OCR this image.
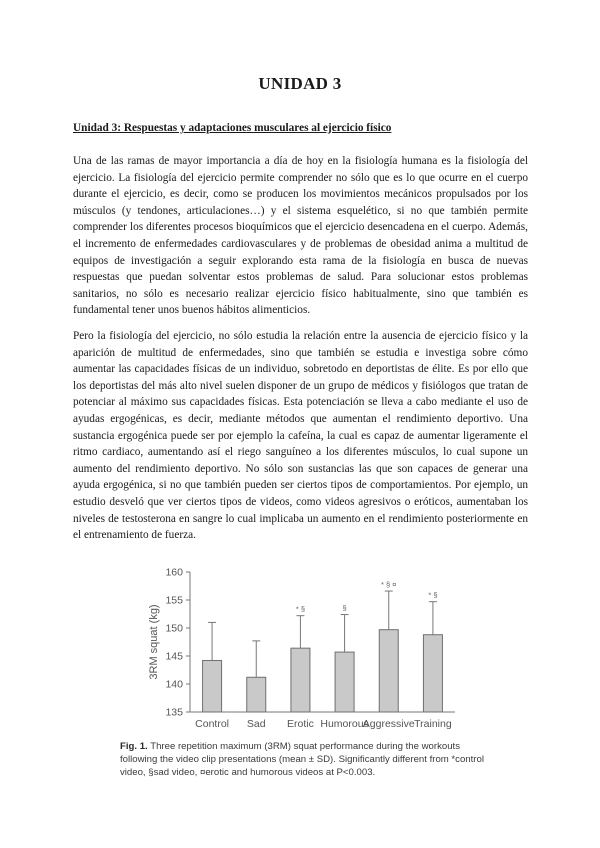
UNIDAD 3
Unidad 3: Respuestas y adaptaciones musculares al ejercicio físico

Una de las ramas de mayor importancia a día de hoy en la fisiología humana es la fisiología del ejercicio. La fisiología del ejercicio permite comprender no sólo que es lo que ocurre en el cuerpo durante el ejercicio, es decir, como se producen los movimientos mecánicos propulsados por los músculos (y tendones, articulaciones…) y el sistema esquelético, si no que también permite comprender los diferentes procesos bioquímicos que el ejercicio desencadena en el cuerpo. Además, el incremento de enfermedades cardiovasculares y de problemas de obesidad anima a multitud de equipos de investigación a seguir explorando esta rama de la fisiología en busca de nuevas respuestas que puedan solventar estos problemas de salud. Para solucionar estos problemas sanitarios, no sólo es necesario realizar ejercicio físico habitualmente, sino que también es fundamental tener unos buenos hábitos alimenticios.

Pero la fisiología del ejercicio, no sólo estudia la relación entre la ausencia de ejercicio físico y la aparición de multitud de enfermedades, sino que también se estudia e investiga sobre cómo aumentar las capacidades físicas de un individuo, sobretodo en deportistas de élite. Es por ello que los deportistas del más alto nivel suelen disponer de un grupo de médicos y fisiólogos que tratan de potenciar al máximo sus capacidades físicas. Esta potenciación se lleva a cabo mediante el uso de ayudas ergogénicas, es decir, mediante métodos que aumentan el rendimiento deportivo. Una sustancia ergogénica puede ser por ejemplo la cafeína, la cual es capaz de aumentar ligeramente el ritmo cardiaco, aumentando así el riego sanguíneo a los diferentes músculos, lo cual supone un aumento del rendimiento deportivo. No sólo son sustancias las que son capaces de generar una ayuda ergogénica, si no que también pueden ser ciertos tipos de comportamientos. Por ejemplo, un estudio desveló que ver ciertos tipos de videos, como videos agresivos o eróticos, aumentaban los niveles de testosterona en sangre lo cual implicaba un aumento en el rendimiento posteriormente en el entrenamiento de fuerza.

135
140
145
150
155
160
3RM squat (kg)
Control Sad
* §
Erotic
§
Humorous
* § ¤
Aggressive
* §
Training

Fig. 1. Three repetition maximum (3RM) squat performance during the workouts following the video clip presentations (mean ± SD). Significantly different from *control video, §sad video, ¤erotic and humorous videos at P<0.003.
